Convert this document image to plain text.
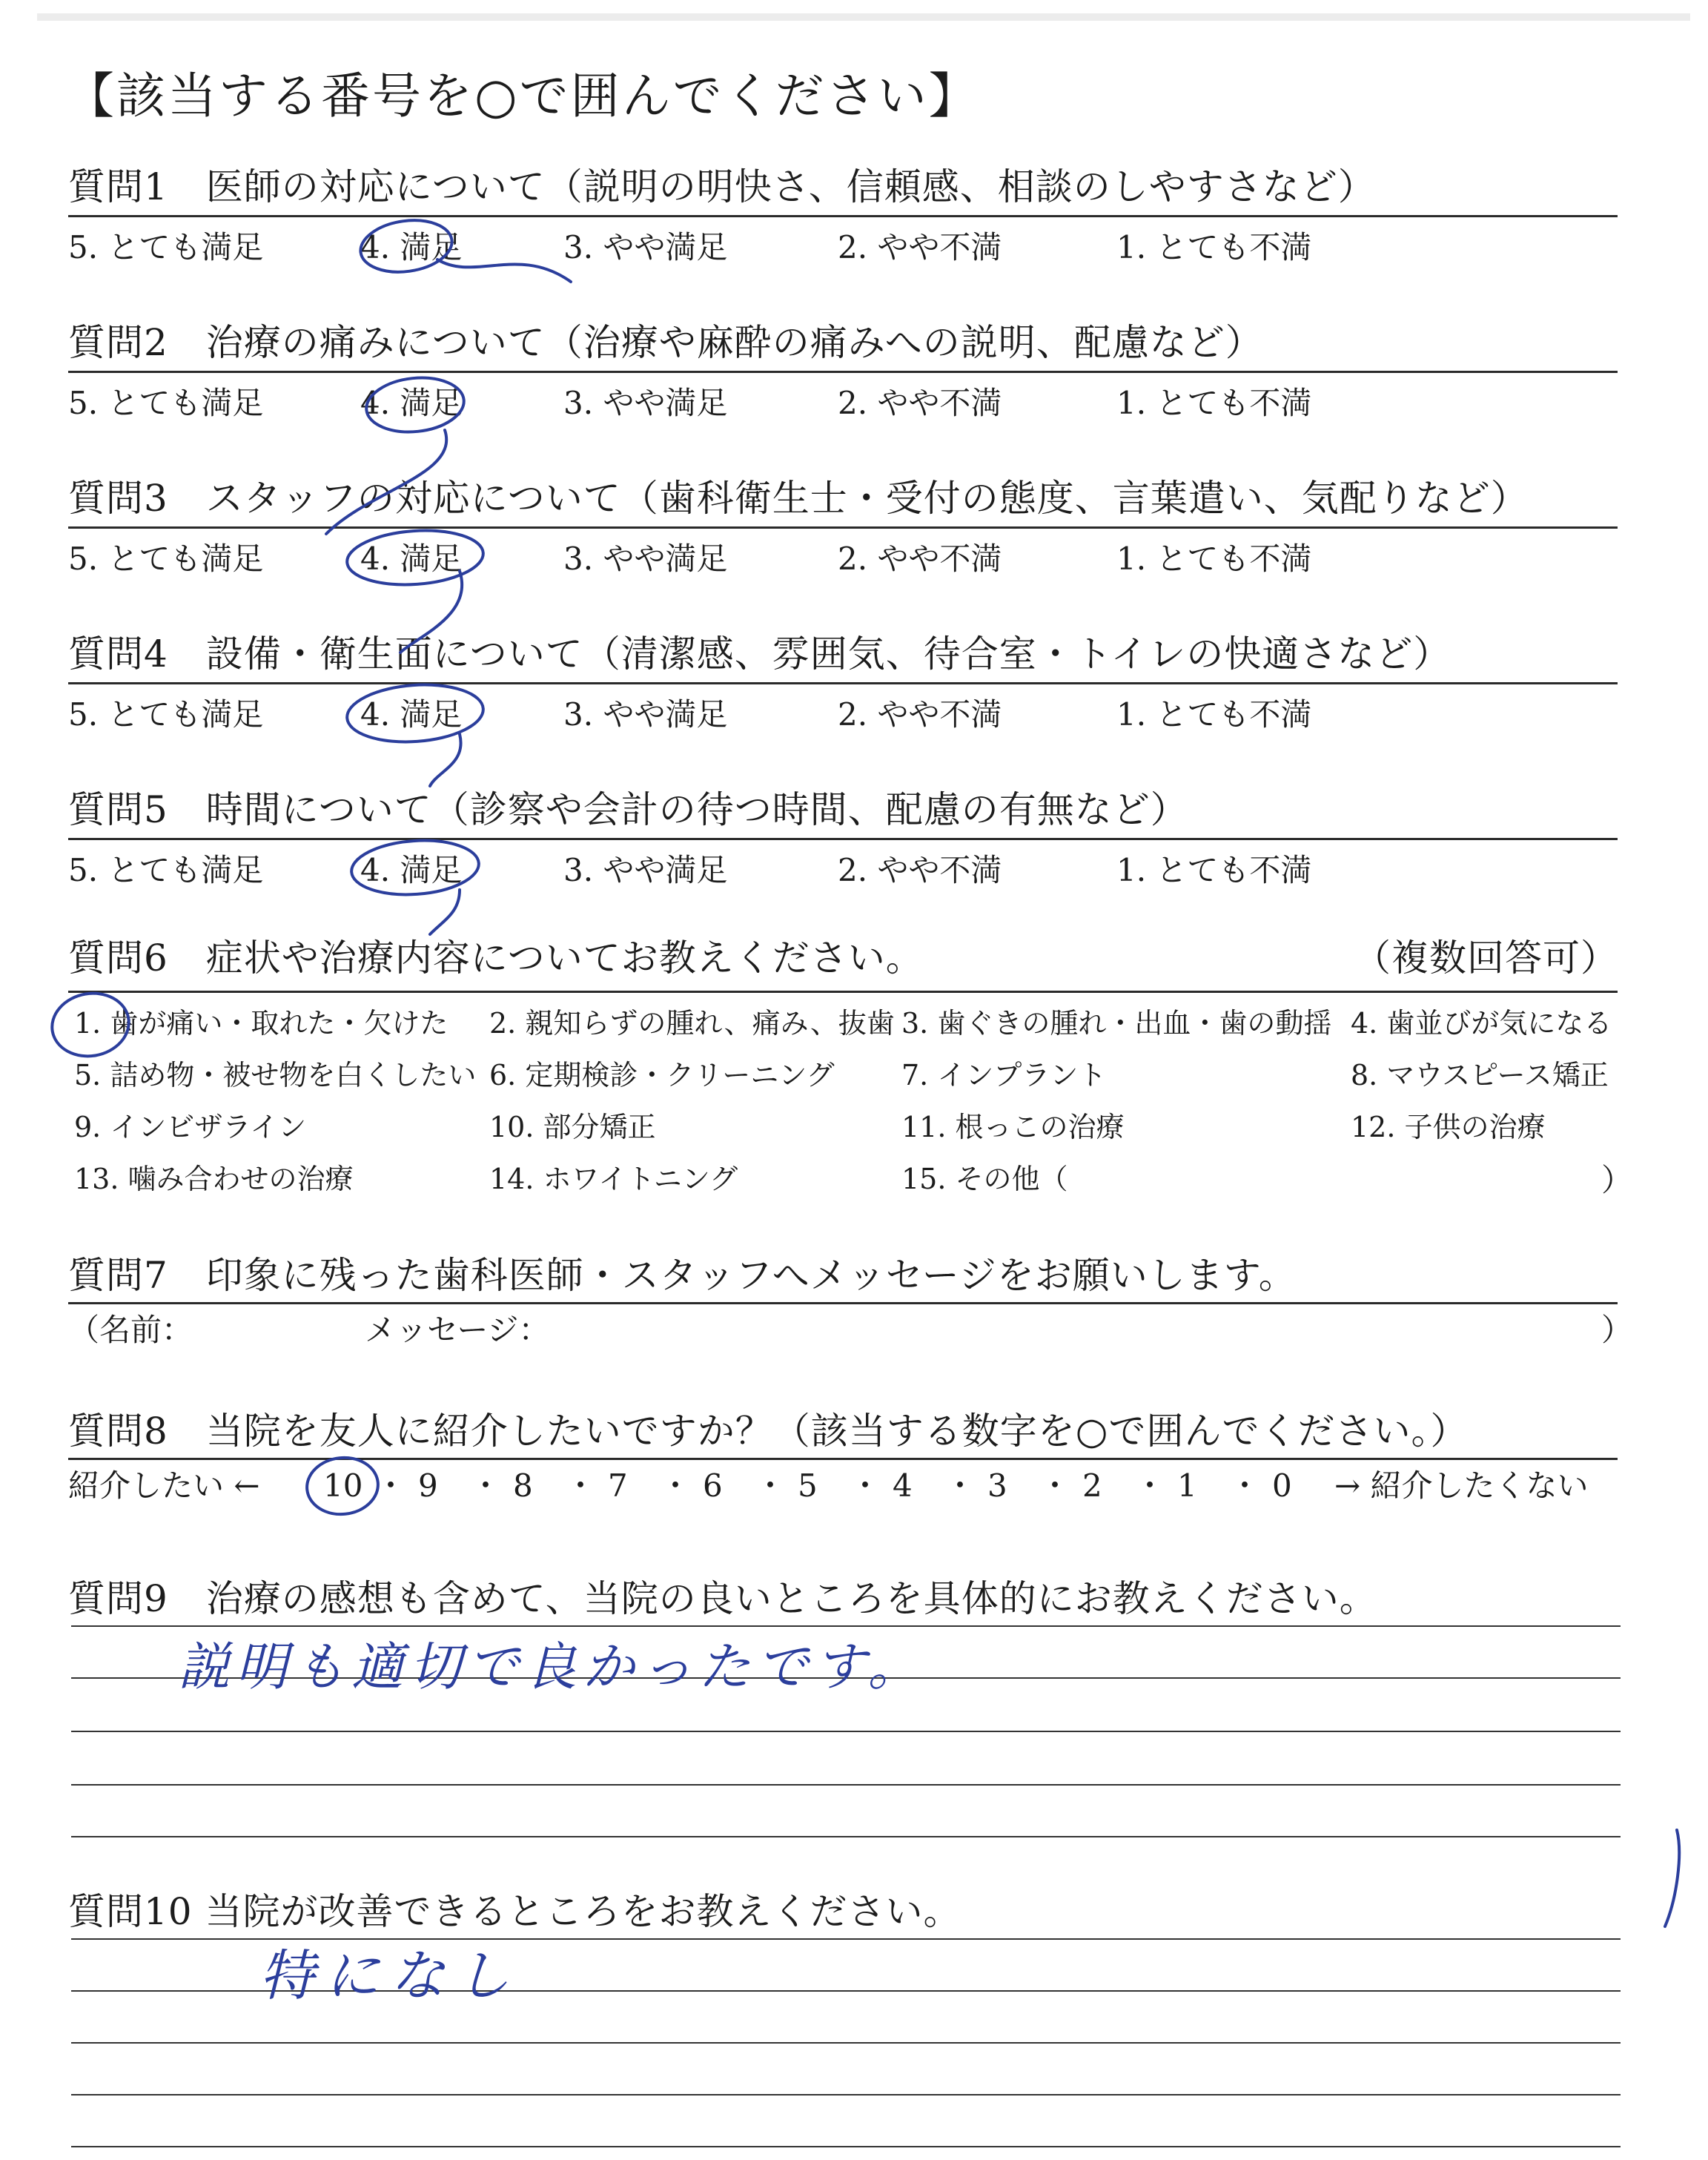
【該当する番号を○で囲んでください】
質問1　医師の対応について（説明の明快さ、信頼感、相談のしやすさなど）
5. とても満足	4. 満足	3. やや満足	2. やや不満	1. とても不満
質問2　治療の痛みについて（治療や麻酔の痛みへの説明、配慮など）
5. とても満足	4. 満足	3. やや満足	2. やや不満	1. とても不満
質問3　スタッフの対応について（歯科衛生士・受付の態度、言葉遣い、気配りなど）
5. とても満足	4. 満足	3. やや満足	2. やや不満	1. とても不満
質問4　設備・衛生面について（清潔感、雰囲気、待合室・トイレの快適さなど）
5. とても満足	4. 満足	3. やや満足	2. やや不満	1. とても不満
質問5　時間について（診察や会計の待つ時間、配慮の有無など）
5. とても満足	4. 満足	3. やや満足	2. やや不満	1. とても不満
質問6　症状や治療内容についてお教えください。	（複数回答可）
1. 歯が痛い・取れた・欠けた 2. 親知らずの腫れ、痛み、抜歯 3. 歯ぐきの腫れ・出血・歯の動揺 4. 歯並びが気になる
5. 詰め物・被せ物を白くしたい 6. 定期検診・クリーニング 7. インプラント	8. マウスピース矯正
9. インビザライン	10. 部分矯正	11. 根っこの治療	12. 子供の治療
13. 噛み合わせの治療	14. ホワイトニング	15. その他（	）
質問7　印象に残った歯科医師・スタッフへメッセージをお願いします。
（名前：	メッセージ：	）
質問8　当院を友人に紹介したいですか？（該当する数字を○で囲んでください。）
紹介したい ← 10 ・ 9 ・ 8 ・ 7 ・ 6 ・ 5 ・ 4 ・ 3 ・ 2 ・ 1 ・ 0 → 紹介したくない
質問9　治療の感想も含めて、当院の良いところを具体的にお教えください。
説明も適切で良かったです。
質問10 当院が改善できるところをお教えください。
特になし
